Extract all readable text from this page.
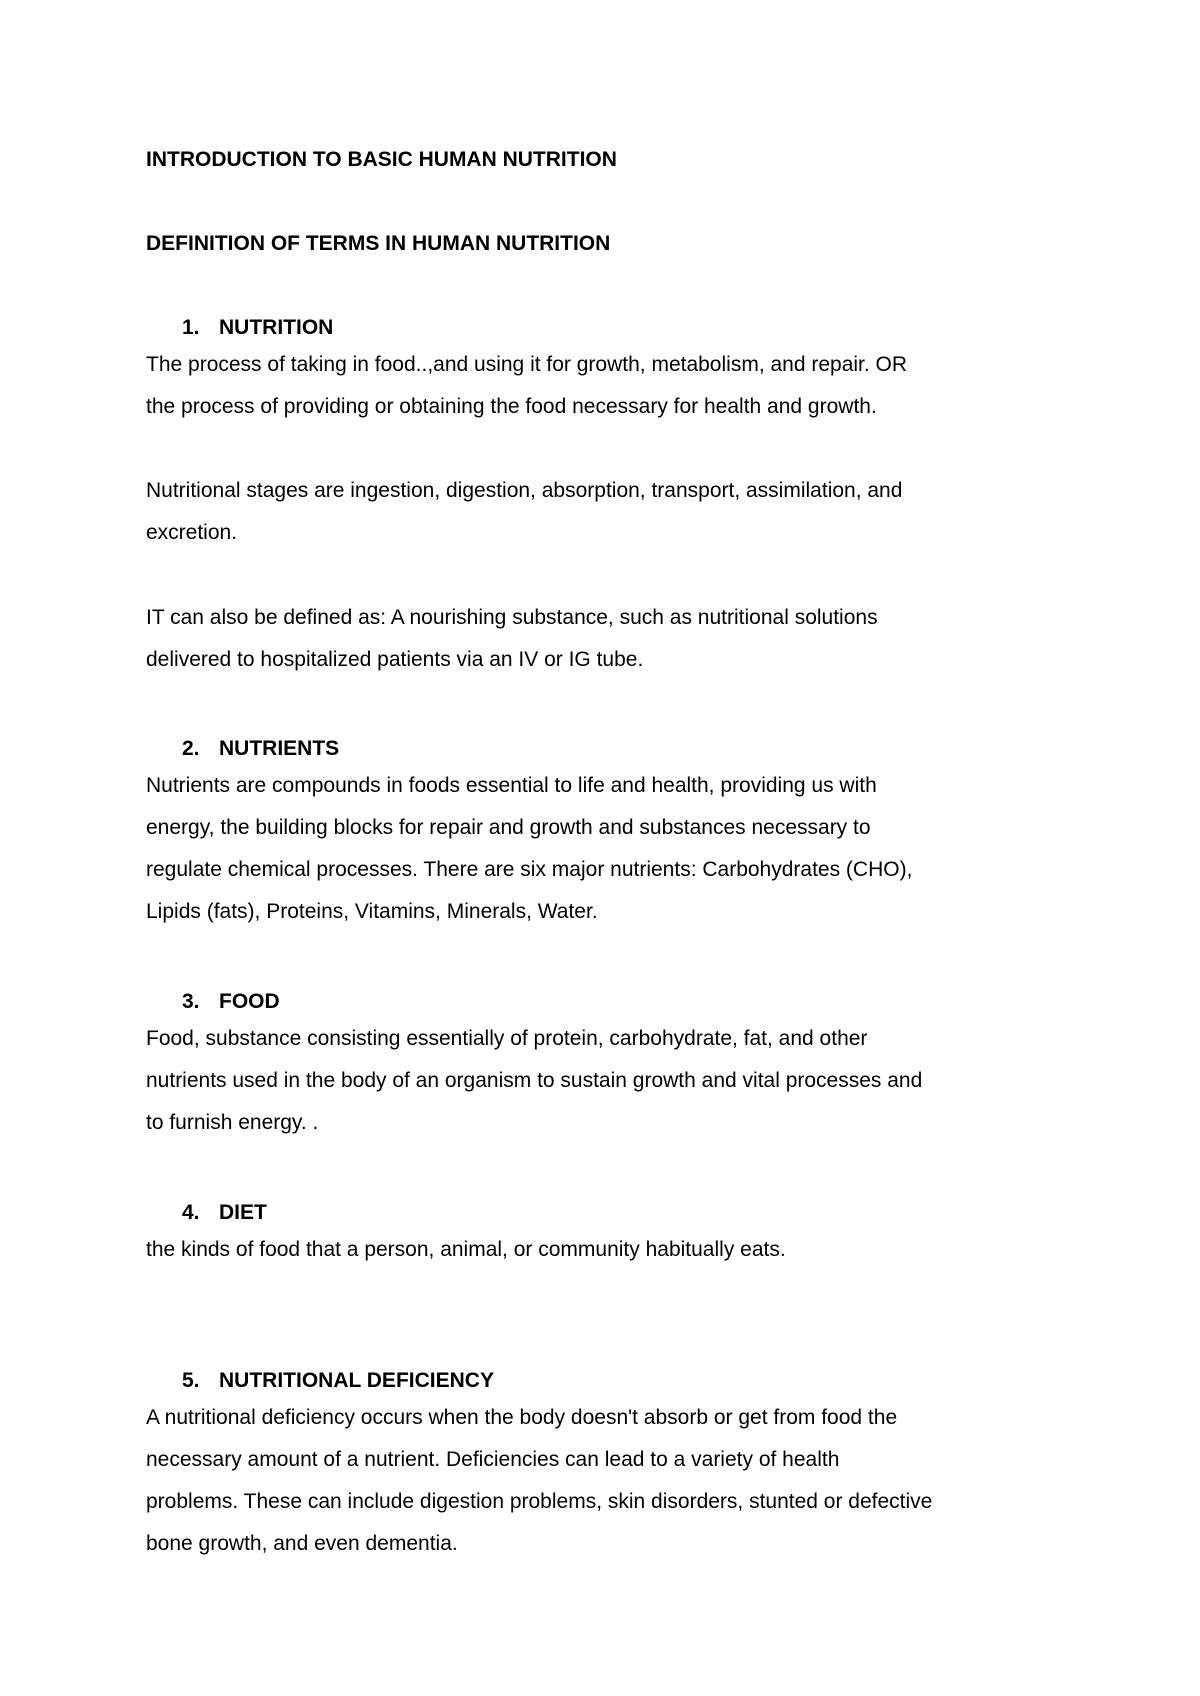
INTRODUCTION TO BASIC HUMAN NUTRITION
DEFINITION OF TERMS IN HUMAN NUTRITION
1. NUTRITION

The process of taking in food..,and using it for growth, metabolism, and repair. OR
the process of providing or obtaining the food necessary for health and growth.

Nutritional stages are ingestion, digestion, absorption, transport, assimilation, and
excretion.

IT can also be defined as: A nourishing substance, such as nutritional solutions
delivered to hospitalized patients via an IV or IG tube.

2. NUTRIENTS

Nutrients are compounds in foods essential to life and health, providing us with
energy, the building blocks for repair and growth and substances necessary to
regulate chemical processes. There are six major nutrients: Carbohydrates (CHO),
Lipids (fats), Proteins, Vitamins, Minerals, Water.

3. FOOD

Food, substance consisting essentially of protein, carbohydrate, fat, and other
nutrients used in the body of an organism to sustain growth and vital processes and
to furnish energy. .

4. DIET

the kinds of food that a person, animal, or community habitually eats.

5. NUTRITIONAL DEFICIENCY

A nutritional deficiency occurs when the body doesn't absorb or get from food the
necessary amount of a nutrient. Deficiencies can lead to a variety of health
problems. These can include digestion problems, skin disorders, stunted or defective
bone growth, and even dementia.
